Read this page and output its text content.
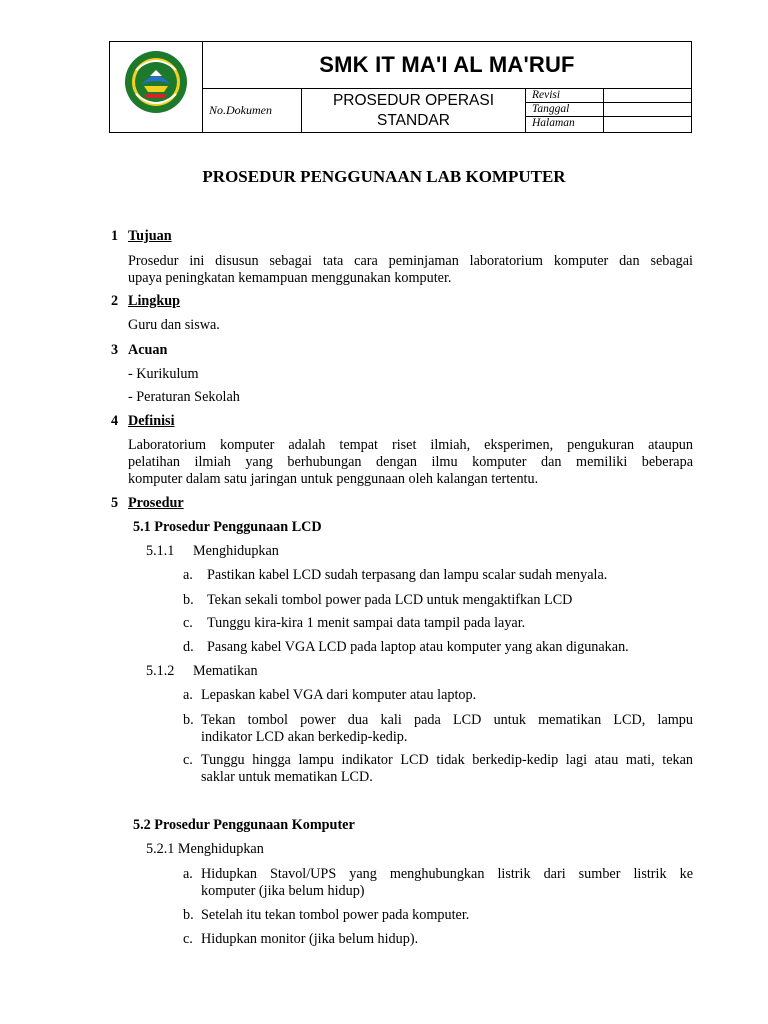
SMK IT MA'I AL MA'RUF
No.Dokumen
PROSEDUR OPERASI
STANDAR
Revisi
Tanggal
Halaman
PROSEDUR PENGGUNAAN LAB KOMPUTER
1 Tujuan
Prosedur ini disusun sebagai tata cara peminjaman laboratorium komputer dan sebagai
upaya peningkatan kemampuan menggunakan komputer.
2 Lingkup
Guru dan siswa.
3 Acuan
- Kurikulum
- Peraturan Sekolah
4 Definisi
Laboratorium komputer adalah tempat riset ilmiah, eksperimen, pengukuran ataupun
pelatihan ilmiah yang berhubungan dengan ilmu komputer dan memiliki beberapa
komputer dalam satu jaringan untuk penggunaan oleh kalangan tertentu.
5 Prosedur
5.1 Prosedur Penggunaan LCD
5.1.1 Menghidupkan
a. Pastikan kabel LCD sudah terpasang dan lampu scalar sudah menyala.
b. Tekan sekali tombol power pada LCD untuk mengaktifkan LCD
c. Tunggu kira-kira 1 menit sampai data tampil pada layar.
d. Pasang kabel VGA LCD pada laptop atau komputer yang akan digunakan.
5.1.2 Mematikan
a. Lepaskan kabel VGA dari komputer atau laptop.
b. Tekan tombol power dua kali pada LCD untuk mematikan LCD, lampu
indikator LCD akan berkedip-kedip.
c. Tunggu hingga lampu indikator LCD tidak berkedip-kedip lagi atau mati, tekan
saklar untuk mematikan LCD.
5.2 Prosedur Penggunaan Komputer
5.2.1 Menghidupkan
a. Hidupkan Stavol/UPS yang menghubungkan listrik dari sumber listrik ke
komputer (jika belum hidup)
b. Setelah itu tekan tombol power pada komputer.
c. Hidupkan monitor (jika belum hidup).
